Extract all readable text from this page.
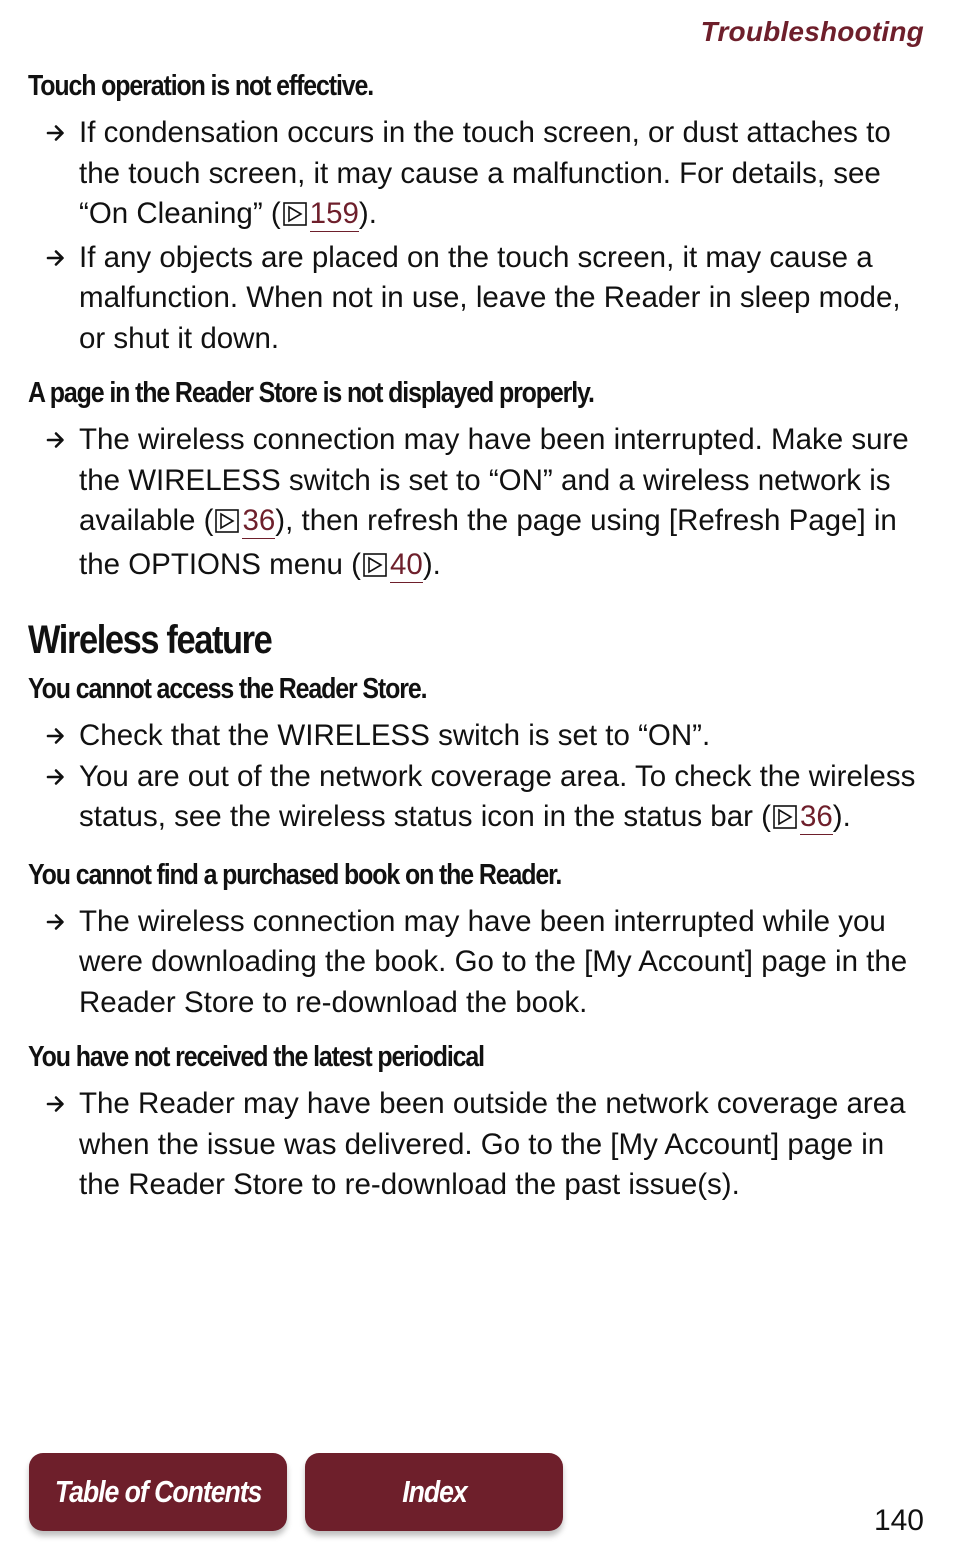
Troubleshooting

Touch operation is not effective.

If condensation occurs in the touch screen, or dust attaches to the touch screen, it may cause a malfunction. For details, see “On Cleaning” ( 159).
If any objects are placed on the touch screen, it may cause a malfunction. When not in use, leave the Reader in sleep mode, or shut it down.

A page in the Reader Store is not displayed properly.

The wireless connection may have been interrupted. Make sure the WIRELESS switch is set to “ON” and a wireless network is available ( 36), then refresh the page using [Refresh Page] in the OPTIONS menu ( 40).
Wireless feature

You cannot access the Reader Store.

Check that the WIRELESS switch is set to “ON”.
You are out of the network coverage area. To check the wireless status, see the wireless status icon in the status bar ( 36).

You cannot find a purchased book on the Reader.

The wireless connection may have been interrupted while you were downloading the book. Go to the [My Account] page in the Reader Store to re-download the book.

You have not received the latest periodical

The Reader may have been outside the network coverage area when the issue was delivered. Go to the [My Account] page in the Reader Store to re-download the past issue(s).
Table of Contents	Index
140
